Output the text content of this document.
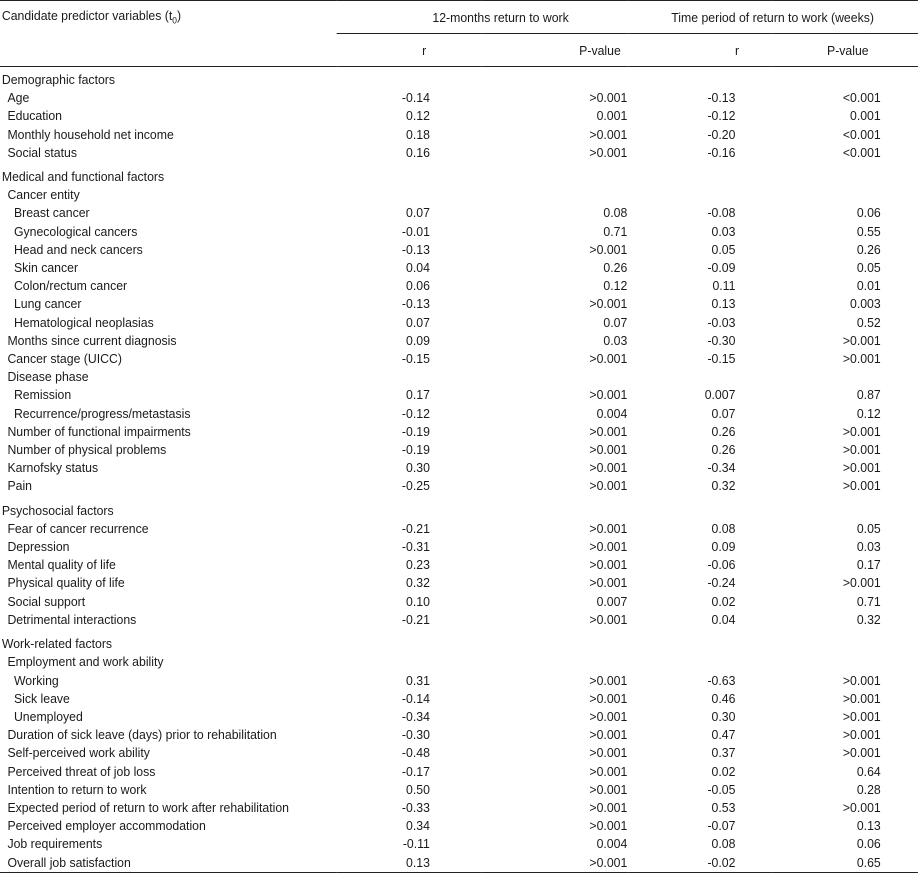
Candidate predictor variables $(t_0)$	12-months return to work		Time period of return to work (weeks)	
	r	P-value	r	P-value
Demographic factors				
Age	-0.14	>0.001	-0.13	<0.001
Education	0.12	0.001	-0.12	0.001
Monthly household net income	0.18	>0.001	-0.20	<0.001
Social status	0.16	>0.001	-0.16	<0.001
Medical and functional factors				
Cancer entity				
Breast cancer	0.07	0.08	-0.08	0.06
Gynecological cancers	-0.01	0.71	0.03	0.55
Head and neck cancers	-0.13	>0.001	0.05	0.26
Skin cancer	0.04	0.26	-0.09	0.05
Colon/rectum cancer	0.06	0.12	0.11	0.01
Lung cancer	-0.13	>0.001	0.13	0.003
Hematological neoplasias	0.07	0.07	-0.03	0.52
Months since current diagnosis	0.09	0.03	-0.30	>0.001
Cancer stage (UICC)	-0.15	>0.001	-0.15	>0.001
Disease phase				
Remission	0.17	>0.001	0.007	0.87
Recurrence/progress/metastasis	-0.12	0.004	0.07	0.12
Number of functional impairments	-0.19	>0.001	0.26	>0.001
Number of physical problems	-0.19	>0.001	0.26	>0.001
Karnofsky status	0.30	>0.001	-0.34	>0.001
Pain	-0.25	>0.001	0.32	>0.001
Psychosocial factors				
Fear of cancer recurrence	-0.21	>0.001	0.08	0.05
Depression	-0.31	>0.001	0.09	0.03
Mental quality of life	0.23	>0.001	-0.06	0.17
Physical quality of life	0.32	>0.001	-0.24	>0.001
Social support	0.10	0.007	0.02	0.71
Detrimental interactions	-0.21	>0.001	0.04	0.32
Work-related factors				
Employment and work ability				
Working	0.31	>0.001	-0.63	>0.001
Sick leave	-0.14	>0.001	0.46	>0.001
Unemployed	-0.34	>0.001	0.30	>0.001
Duration of sick leave (days) prior to rehabilitation	-0.30	>0.001	0.47	>0.001
Self-perceived work ability	-0.48	>0.001	0.37	>0.001
Perceived threat of job loss	-0.17	>0.001	0.02	0.64
Intention to return to work	0.50	>0.001	-0.05	0.28
Expected period of return to work after rehabilitation	-0.33	>0.001	0.53	>0.001
Perceived employer accommodation	0.34	>0.001	-0.07	0.13
Job requirements	-0.11	0.004	0.08	0.06
Overall job satisfaction	0.13	>0.001	-0.02	0.65
